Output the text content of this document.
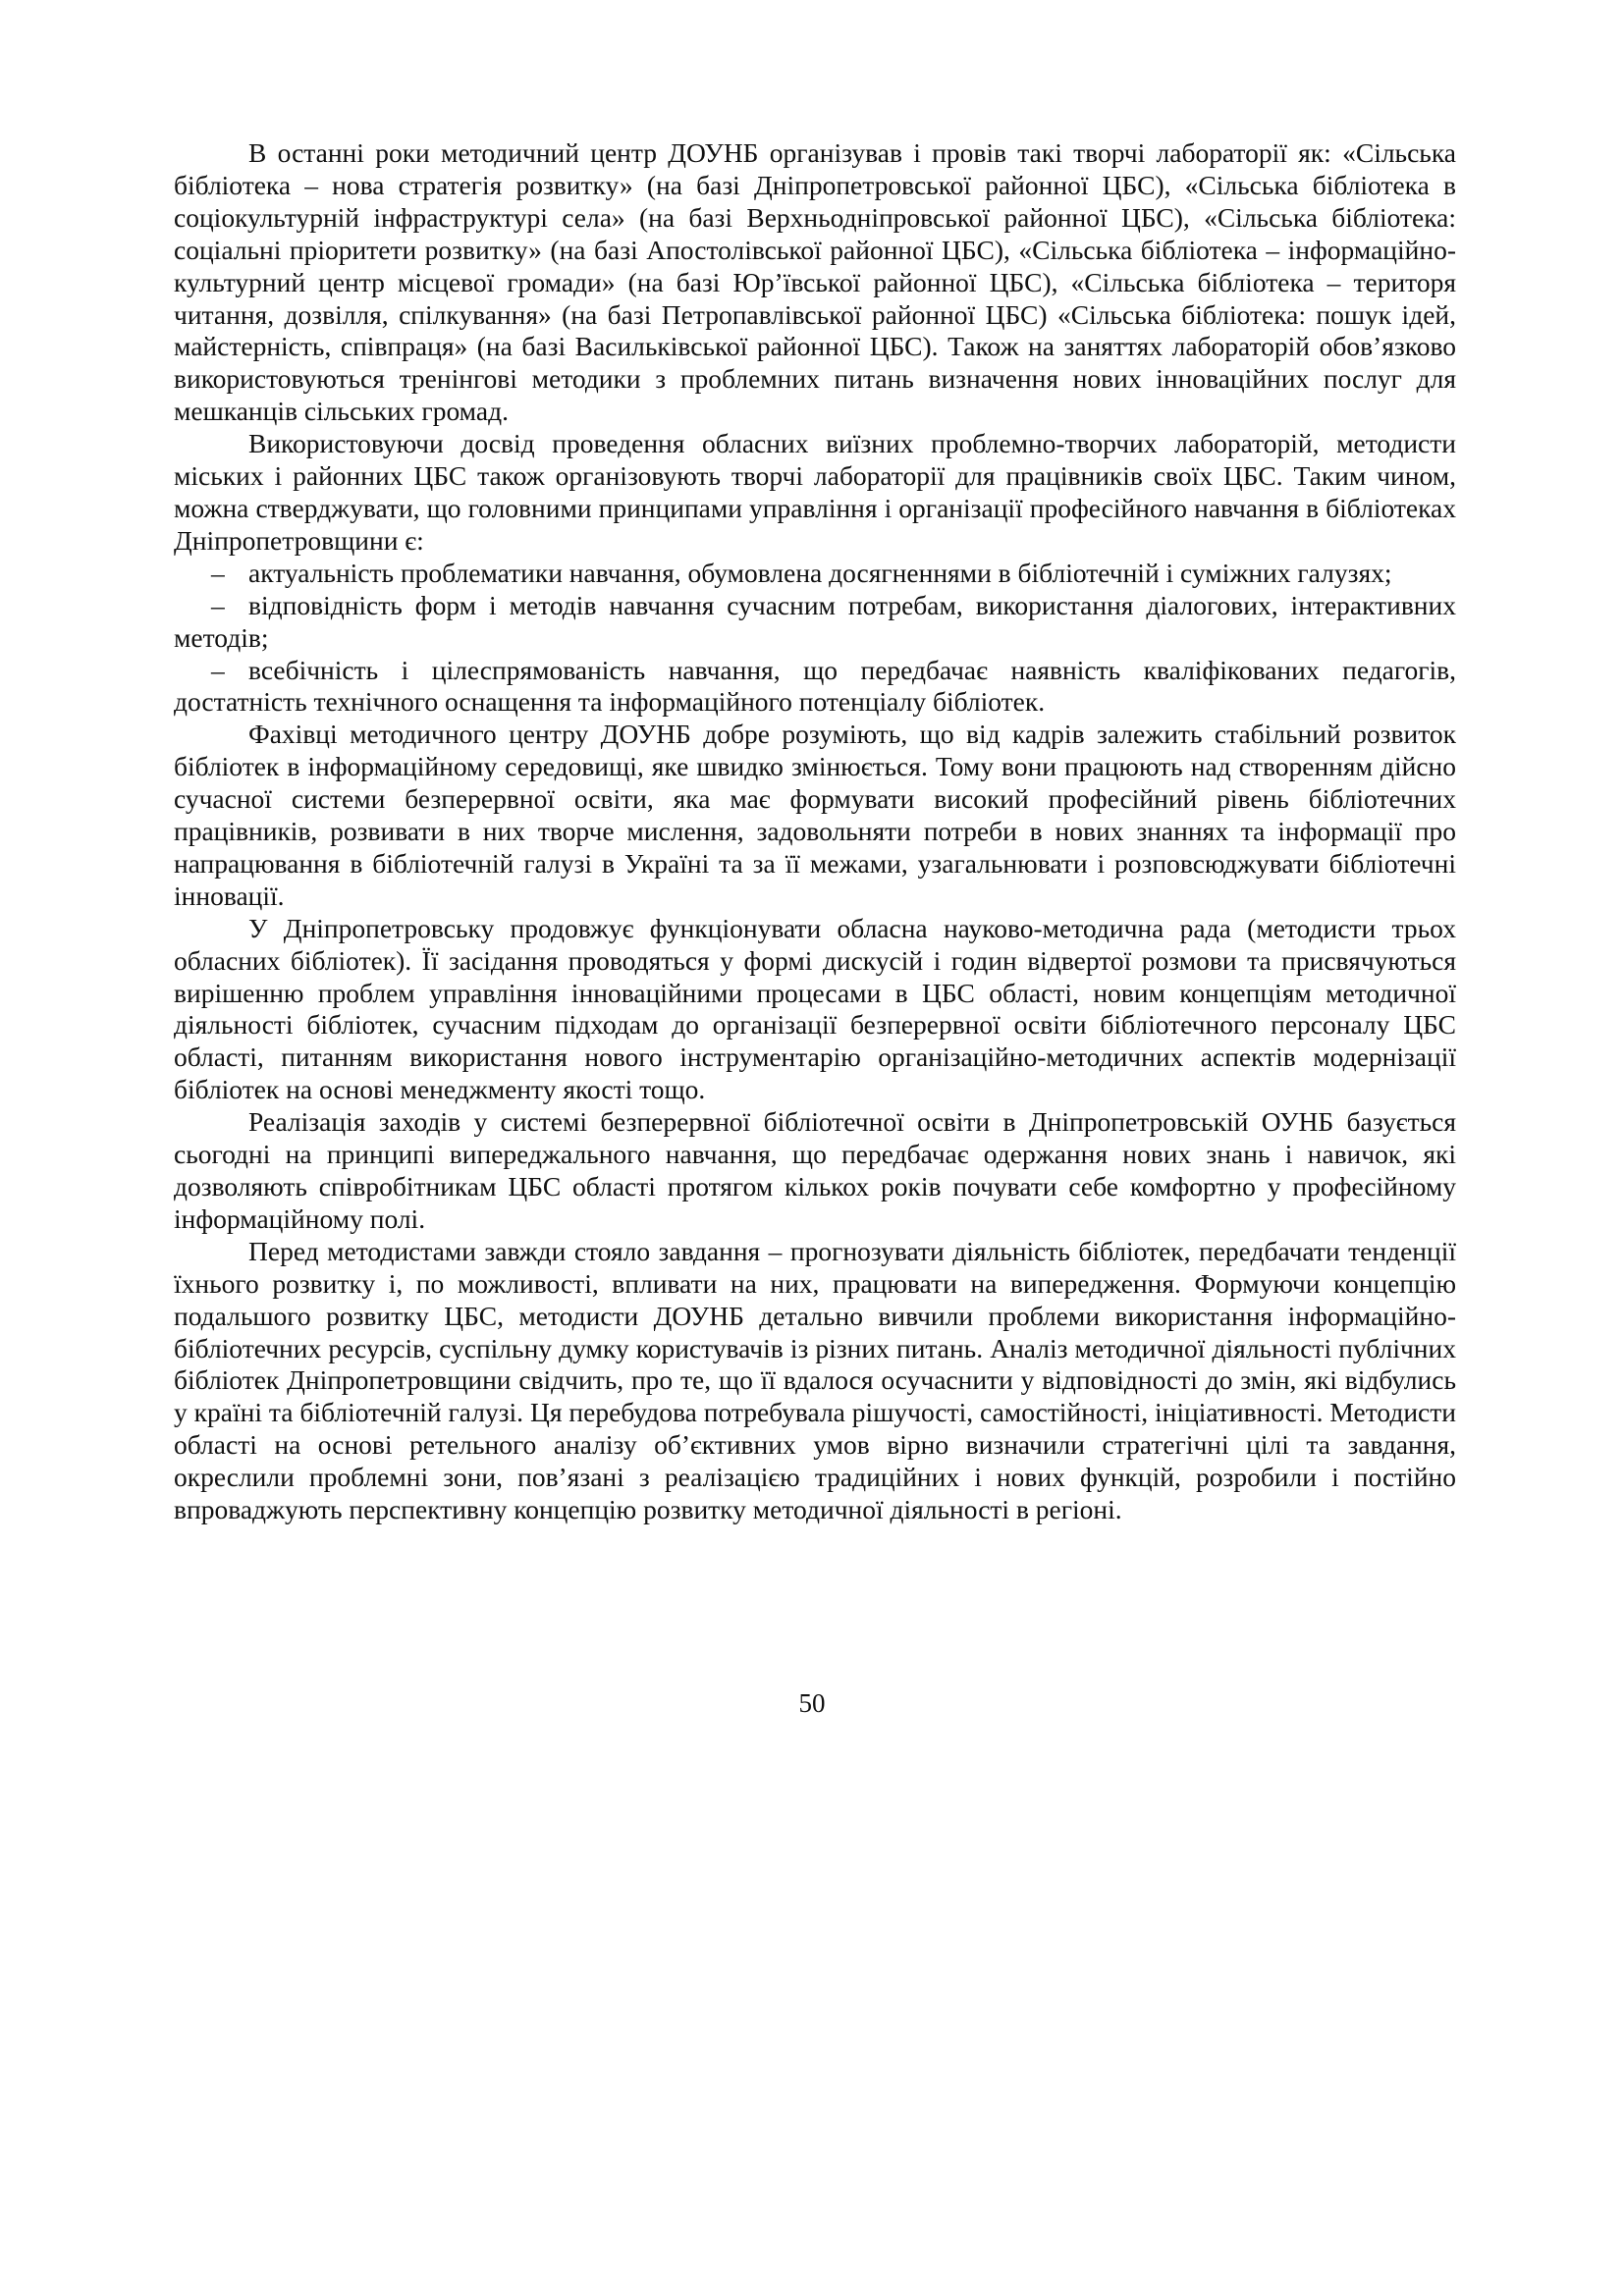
В останні роки методичний центр ДОУНБ організував і провів такі творчі лабораторії як: «Сільська бібліотека – нова стратегія розвитку» (на базі Дніпропетровської районної ЦБС), «Сільська бібліотека в соціокультурній інфраструктурі села» (на базі Верхньодніпровської районної ЦБС), «Сільська бібліотека: соціальні пріоритети розвитку» (на базі Апостолівської районної ЦБС), «Сільська бібліотека – інформаційно-культурний центр місцевої громади» (на базі Юр’ївської районної ЦБС), «Сільська бібліотека – територя читання, дозвілля, спілкування» (на базі Петропавлівської районної ЦБС) «Сільська бібліотека: пошук ідей, майстерність, співпраця» (на базі Васильківської районної ЦБС). Також на заняттях лабораторій обов’язково використовуються тренінгові методики з проблемних питань визначення нових інноваційних послуг для мешканців сільських громад.

Використовуючи досвід проведення обласних виїзних проблемно-творчих лабораторій, методисти міських і районних ЦБС також організовують творчі лабораторії для працівників своїх ЦБС. Таким чином, можна стверджувати, що головними принципами управління і організації професійного навчання в бібліотеках Дніпропетровщини є:

– актуальність проблематики навчання, обумовлена досягненнями в бібліотечній і суміжних галузях;

– відповідність форм і методів навчання сучасним потребам, використання діалогових, інтерактивних методів;

– всебічність і цілеспрямованість навчання, що передбачає наявність кваліфікованих педагогів, достатність технічного оснащення та інформаційного потенціалу бібліотек.

Фахівці методичного центру ДОУНБ добре розуміють, що від кадрів залежить стабільний розвиток бібліотек в інформаційному середовищі, яке швидко змінюється. Тому вони працюють над створенням дійсно сучасної системи безперервної освіти, яка має формувати високий професійний рівень бібліотечних працівників, розвивати в них творче мислення, задовольняти потреби в нових знаннях та інформації про напрацювання в бібліотечній галузі в Україні та за її межами, узагальнювати і розповсюджувати бібліотечні інновації.

У Дніпропетровську продовжує функціонувати обласна науково-методична рада (методисти трьох обласних бібліотек). Її засідання проводяться у формі дискусій і годин відвертої розмови та присвячуються вирішенню проблем управління інноваційними процесами в ЦБС області, новим концепціям методичної діяльності бібліотек, сучасним підходам до організації безперервної освіти бібліотечного персоналу ЦБС області, питанням використання нового інструментарію організаційно-методичних аспектів модернізації бібліотек на основі менеджменту якості тощо.

Реалізація заходів у системі безперервної бібліотечної освіти в Дніпропетровській ОУНБ базується сьогодні на принципі випереджального навчання, що передбачає одержання нових знань і навичок, які дозволяють співробітникам ЦБС області протягом кількох років почувати себе комфортно у професійному інформаційному полі.

Перед методистами завжди стояло завдання – прогнозувати діяльність бібліотек, передбачати тенденції їхнього розвитку і, по можливості, впливати на них, працювати на випередження. Формуючи концепцію подальшого розвитку ЦБС, методисти ДОУНБ детально вивчили проблеми використання інформаційно-бібліотечних ресурсів, суспільну думку користувачів із різних питань. Аналіз методичної діяльності публічних бібліотек Дніпропетровщини свідчить, про те, що її вдалося осучаснити у відповідності до змін, які відбулись у країні та бібліотечній галузі. Ця перебудова потребувала рішучості, самостійності, ініціативності. Методисти області на основі ретельного аналізу об’єктивних умов вірно визначили стратегічні цілі та завдання, окреслили проблемні зони, пов’язані з реалізацією традиційних і нових функцій, розробили і постійно впроваджують перспективну концепцію розвитку методичної діяльності в регіоні.

50
